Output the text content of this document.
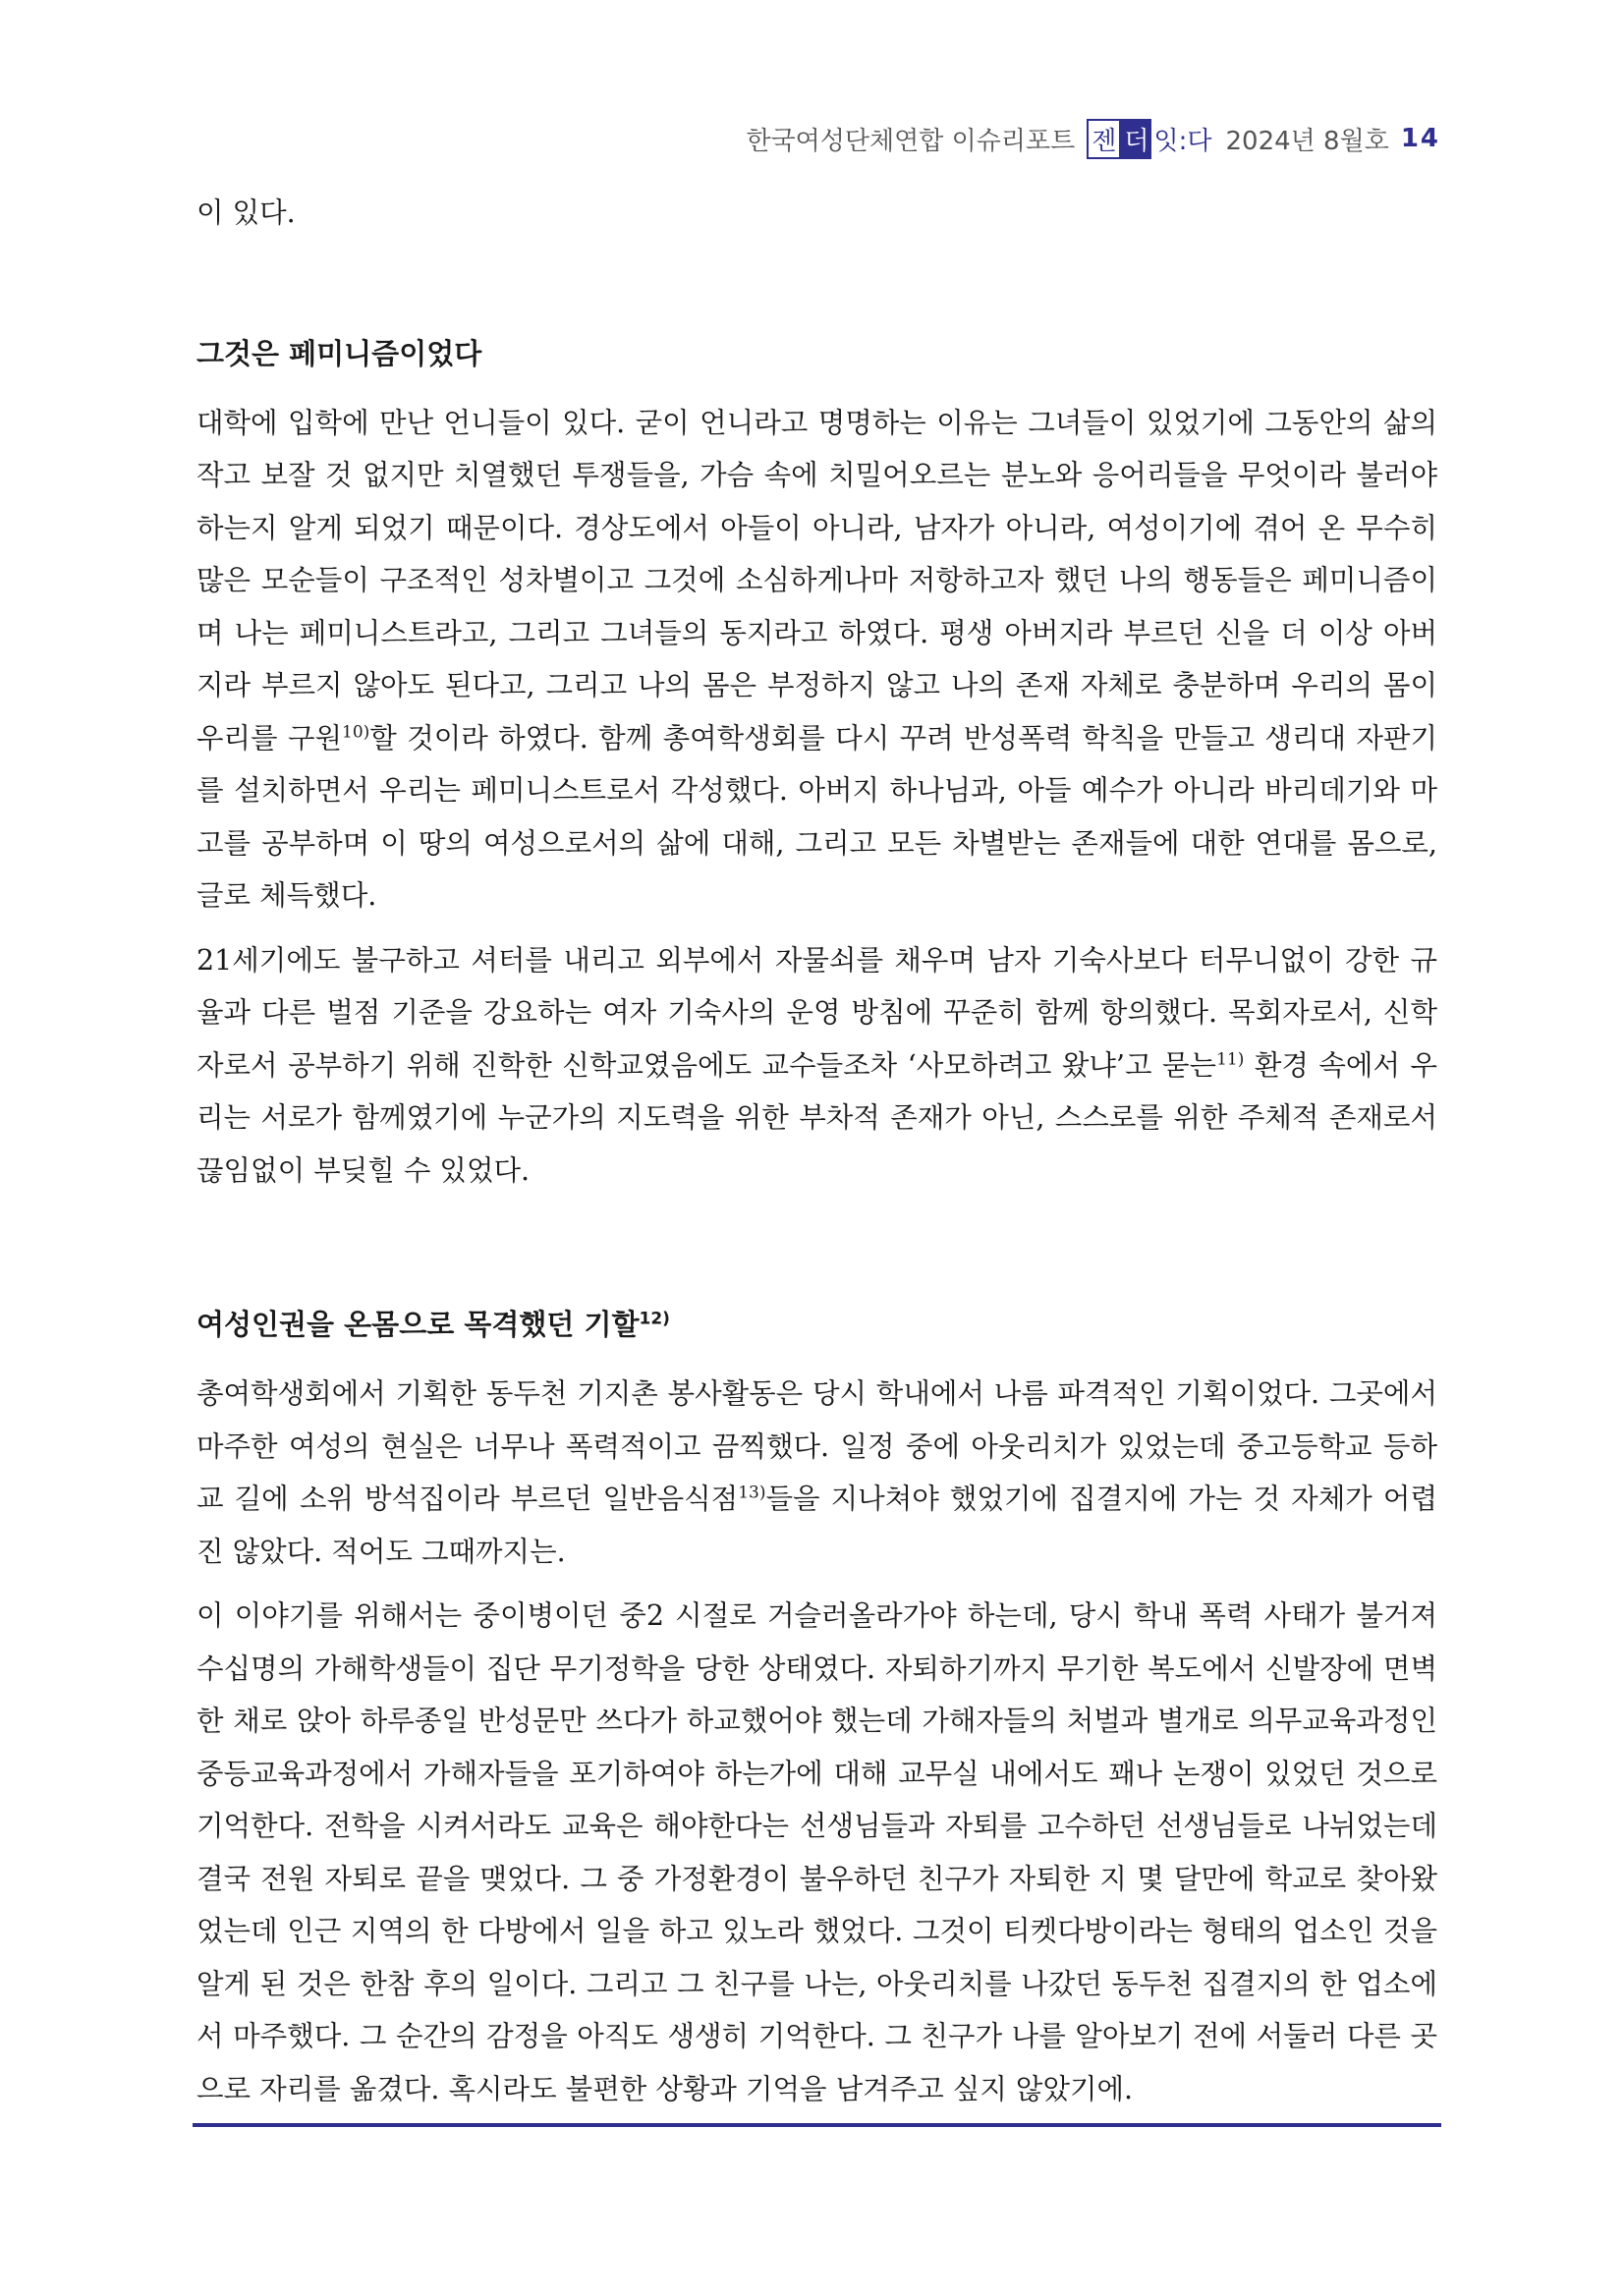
한국여성단체연합 이슈리포트 젠 더 잇:다 2024년 8월호 14

이 있다.

그것은 페미니즘이었다

대학에 입학에 만난 언니들이 있다. 굳이 언니라고 명명하는 이유는 그녀들이 있었기에 그동안의 삶의 작고 보잘 것 없지만 치열했던 투쟁들을, 가슴 속에 치밀어오르는 분노와 응어리들을 무엇이라 불러야 하는지 알게 되었기 때문이다. 경상도에서 아들이 아니라, 남자가 아니라, 여성이기에 겪어 온 무수히 많은 모순들이 구조적인 성차별이고 그것에 소심하게나마 저항하고자 했던 나의 행동들은 페미니즘이며 나는 페미니스트라고, 그리고 그녀들의 동지라고 하였다. 평생 아버지라 부르던 신을 더 이상 아버지라 부르지 않아도 된다고, 그리고 나의 몸은 부정하지 않고 나의 존재 자체로 충분하며 우리의 몸이 우리를 구원$^{10)}$할 것이라 하였다. 함께 총여학생회를 다시 꾸려 반성폭력 학칙을 만들고 생리대 자판기를 설치하면서 우리는 페미니스트로서 각성했다. 아버지 하나님과, 아들 예수가 아니라 바리데기와 마고를 공부하며 이 땅의 여성으로서의 삶에 대해, 그리고 모든 차별받는 존재들에 대한 연대를 몸으로, 글로 체득했다.

21세기에도 불구하고 셔터를 내리고 외부에서 자물쇠를 채우며 남자 기숙사보다 터무니없이 강한 규율과 다른 벌점 기준을 강요하는 여자 기숙사의 운영 방침에 꾸준히 함께 항의했다. 목회자로서, 신학자로서 공부하기 위해 진학한 신학교였음에도 교수들조차 ‘사모하려고 왔냐’고 묻는$^{11)}$ 환경 속에서 우리는 서로가 함께였기에 누군가의 지도력을 위한 부차적 존재가 아닌, 스스로를 위한 주체적 존재로서 끊임없이 부딪힐 수 있었다.

여성인권을 온몸으로 목격했던 기할$^{12)}$

총여학생회에서 기획한 동두천 기지촌 봉사활동은 당시 학내에서 나름 파격적인 기획이었다. 그곳에서 마주한 여성의 현실은 너무나 폭력적이고 끔찍했다. 일정 중에 아웃리치가 있었는데 중고등학교 등하교 길에 소위 방석집이라 부르던 일반음식점$^{13)}$들을 지나쳐야 했었기에 집결지에 가는 것 자체가 어렵진 않았다. 적어도 그때까지는.

이 이야기를 위해서는 중이병이던 중2 시절로 거슬러올라가야 하는데, 당시 학내 폭력 사태가 불거져 수십명의 가해학생들이 집단 무기정학을 당한 상태였다. 자퇴하기까지 무기한 복도에서 신발장에 면벽한 채로 앉아 하루종일 반성문만 쓰다가 하교했어야 했는데 가해자들의 처벌과 별개로 의무교육과정인 중등교육과정에서 가해자들을 포기하여야 하는가에 대해 교무실 내에서도 꽤나 논쟁이 있었던 것으로 기억한다. 전학을 시켜서라도 교육은 해야한다는 선생님들과 자퇴를 고수하던 선생님들로 나뉘었는데 결국 전원 자퇴로 끝을 맺었다. 그 중 가정환경이 불우하던 친구가 자퇴한 지 몇 달만에 학교로 찾아왔었는데 인근 지역의 한 다방에서 일을 하고 있노라 했었다. 그것이 티켓다방이라는 형태의 업소인 것을 알게 된 것은 한참 후의 일이다. 그리고 그 친구를 나는, 아웃리치를 나갔던 동두천 집결지의 한 업소에서 마주했다. 그 순간의 감정을 아직도 생생히 기억한다. 그 친구가 나를 알아보기 전에 서둘러 다른 곳으로 자리를 옮겼다. 혹시라도 불편한 상황과 기억을 남겨주고 싶지 않았기에.
